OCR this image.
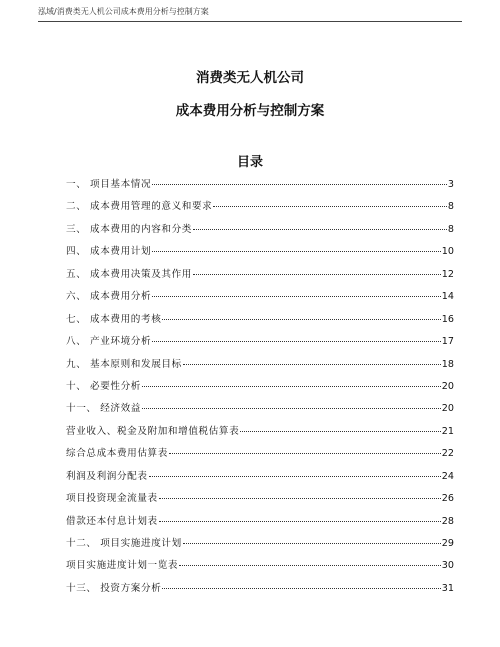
泓域/消费类无人机公司成本费用分析与控制方案
消费类无人机公司
成本费用分析与控制方案
目录
一、 项目基本情况	3
二、 成本费用管理的意义和要求	8
三、 成本费用的内容和分类	8
四、 成本费用计划	10
五、 成本费用决策及其作用	12
六、 成本费用分析	14
七、 成本费用的考核	16
八、 产业环境分析	17
九、 基本原则和发展目标	18
十、 必要性分析	20
十一、 经济效益	20
营业收入、税金及附加和增值税估算表	21
综合总成本费用估算表	22
利润及利润分配表	24
项目投资现金流量表	26
借款还本付息计划表	28
十二、 项目实施进度计划	29
项目实施进度计划一览表	30
十三、 投资方案分析	31
